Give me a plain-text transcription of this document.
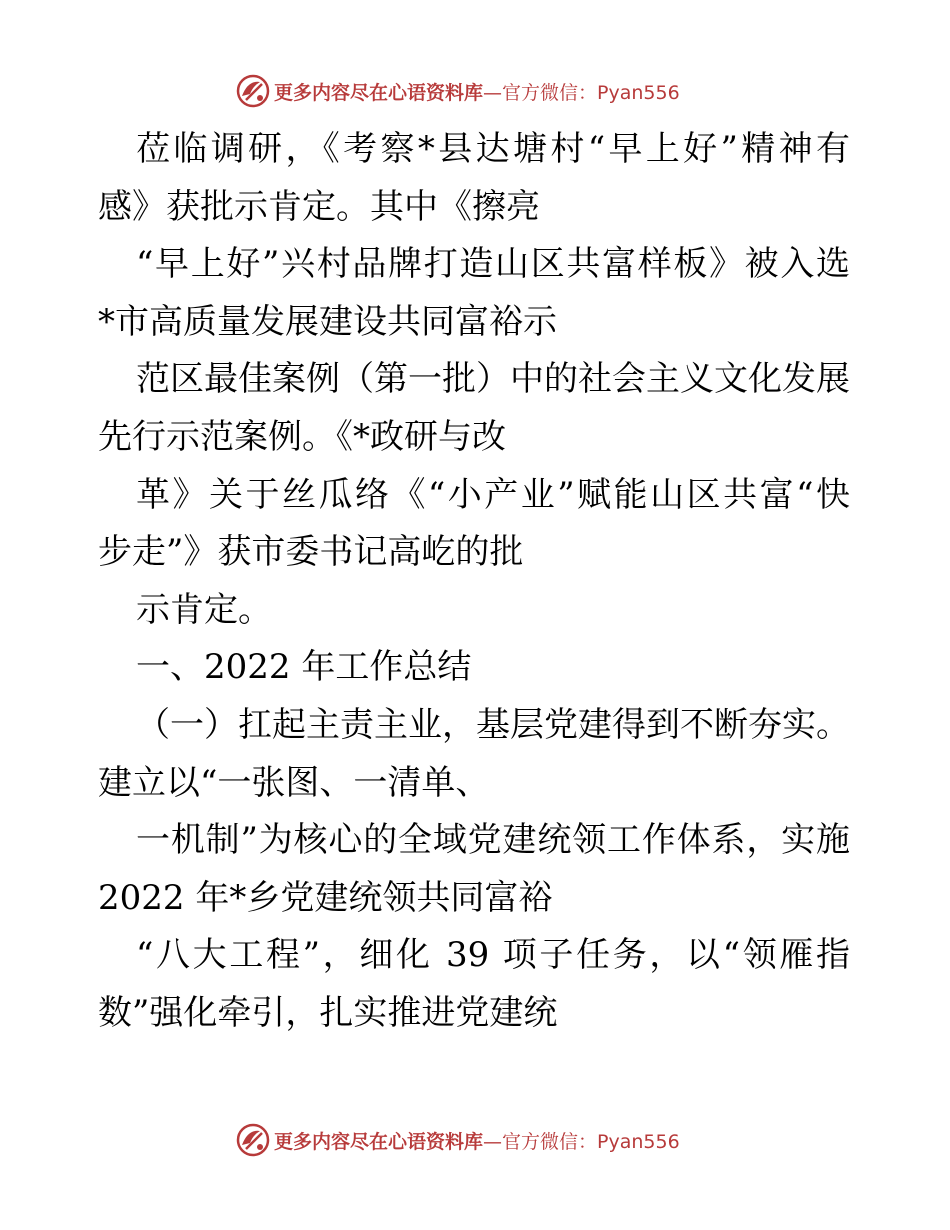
更多内容尽在心语资料库 —官方微信：Pyan556
莅临调研，《考察*县达塘村“早上好”精神有
感》获批示肯定。其中《擦亮
“早上好”兴村品牌打造山区共富样板》被入选
*市高质量发展建设共同富裕示
范区最佳案例（第一批）中的社会主义文化发展
先行示范案例。《*政研与改
革》关于丝瓜络《“小产业”赋能山区共富“快
步走”》获市委书记高屹的批
示肯定。
一、2022 年工作总结
（一）扛起主责主业，基层党建得到不断夯实。
建立以“一张图、一清单、
一机制”为核心的全域党建统领工作体系，实施
2022 年*乡党建统领共同富裕
“八大工程”，细化 39 项子任务，以“领雁指
数”强化牵引，扎实推进党建统
更多内容尽在心语资料库 —官方微信：Pyan556
